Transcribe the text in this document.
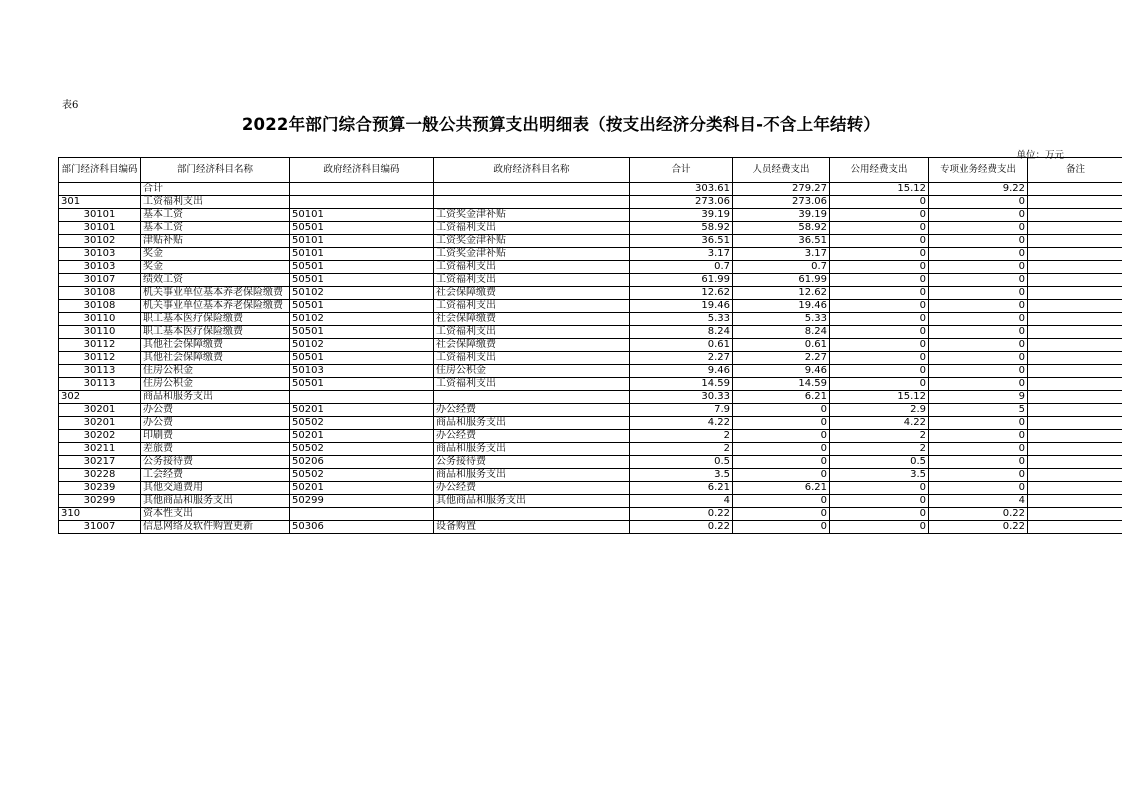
表6
2022年部门综合预算一般公共预算支出明细表（按支出经济分类科目-不含上年结转）
单位：万元
部门经济科目编码	部门经济科目名称	政府经济科目编码	政府经济科目名称	合计	人员经费支出	公用经费支出	专项业务经费支出	备注
	合计			303.61	279.27	15.12	9.22	
301	工资福利支出			273.06	273.06	0	0	
30101	基本工资	50101	工资奖金津补贴	39.19	39.19	0	0	
30101	基本工资	50501	工资福利支出	58.92	58.92	0	0	
30102	津贴补贴	50101	工资奖金津补贴	36.51	36.51	0	0	
30103	奖金	50101	工资奖金津补贴	3.17	3.17	0	0	
30103	奖金	50501	工资福利支出	0.7	0.7	0	0	
30107	绩效工资	50501	工资福利支出	61.99	61.99	0	0	
30108	机关事业单位基本养老保险缴费	50102	社会保障缴费	12.62	12.62	0	0	
30108	机关事业单位基本养老保险缴费	50501	工资福利支出	19.46	19.46	0	0	
30110	职工基本医疗保险缴费	50102	社会保障缴费	5.33	5.33	0	0	
30110	职工基本医疗保险缴费	50501	工资福利支出	8.24	8.24	0	0	
30112	其他社会保障缴费	50102	社会保障缴费	0.61	0.61	0	0	
30112	其他社会保障缴费	50501	工资福利支出	2.27	2.27	0	0	
30113	住房公积金	50103	住房公积金	9.46	9.46	0	0	
30113	住房公积金	50501	工资福利支出	14.59	14.59	0	0	
302	商品和服务支出			30.33	6.21	15.12	9	
30201	办公费	50201	办公经费	7.9	0	2.9	5	
30201	办公费	50502	商品和服务支出	4.22	0	4.22	0	
30202	印刷费	50201	办公经费	2	0	2	0	
30211	差旅费	50502	商品和服务支出	2	0	2	0	
30217	公务接待费	50206	公务接待费	0.5	0	0.5	0	
30228	工会经费	50502	商品和服务支出	3.5	0	3.5	0	
30239	其他交通费用	50201	办公经费	6.21	6.21	0	0	
30299	其他商品和服务支出	50299	其他商品和服务支出	4	0	0	4	
310	资本性支出			0.22	0	0	0.22	
31007	信息网络及软件购置更新	50306	设备购置	0.22	0	0	0.22	
